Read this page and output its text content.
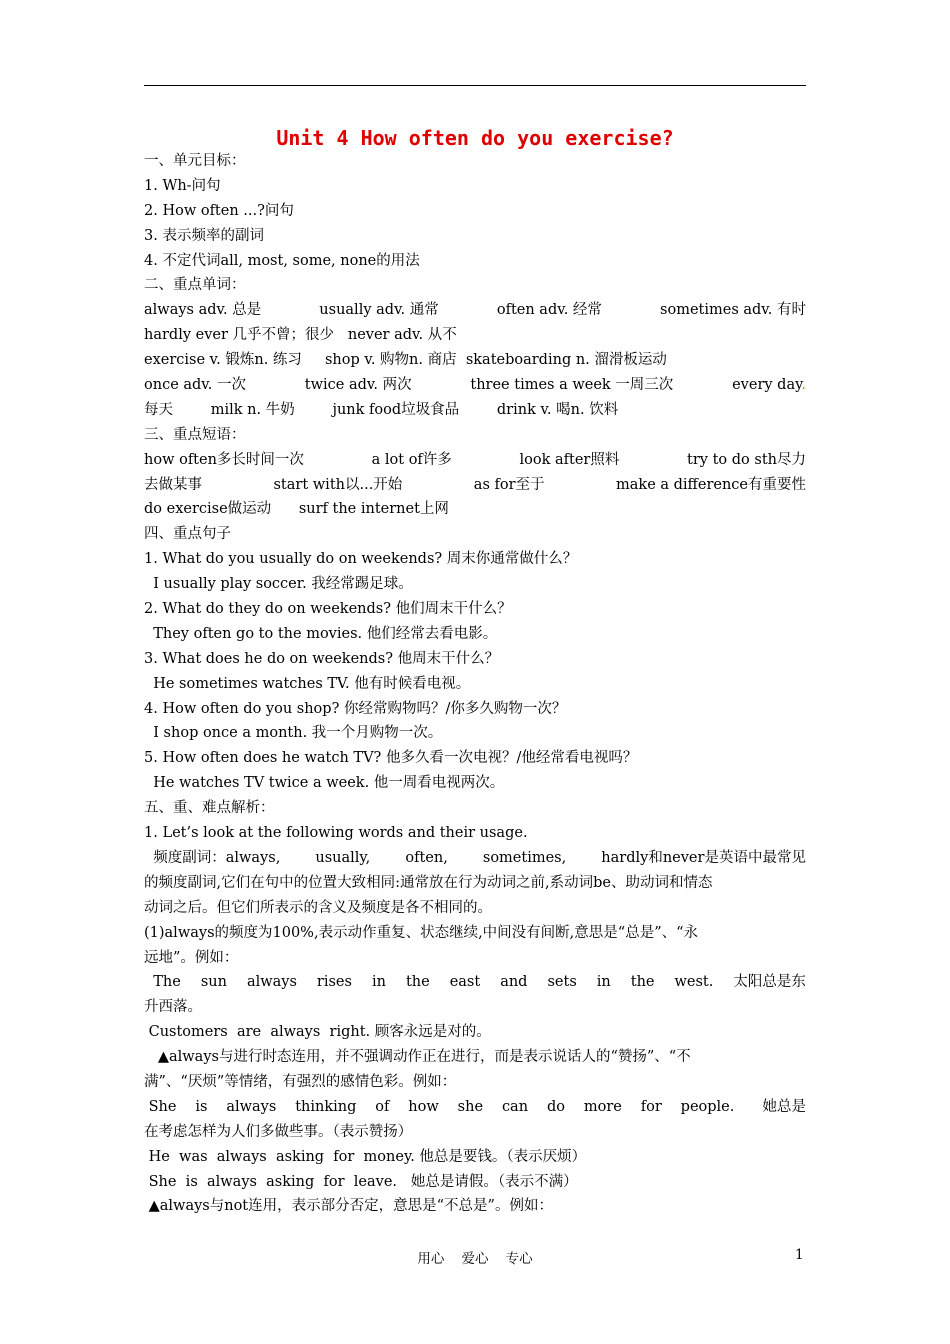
Unit 4 How often do you exercise?
一、单元目标：
1. Wh-问句
2. How often ...?问句
3. 表示频率的副词
4. 不定代词all, most, some, none的用法
二、重点单词：
always adv. 总是	usually adv. 通常	often adv. 经常	sometimes adv. 有时
hardly ever 几乎不曾；很少   never adv. 从不
exercise v. 锻炼n. 练习     shop v. 购物n. 商店  skateboarding n. 溜滑板运动
once adv. 一次	twice adv. 两次	three times a week 一周三次	every day.
每天	milk n. 牛奶	junk food垃圾食品	drink v. 喝n. 饮料
三、重点短语：
how often多长时间一次	a lot of许多	look after照料	try to do sth尽力
去做某事	start with以...开始	as for至于	make a difference有重要性
do exercise做运动      surf the internet上网
四、重点句子
1. What do you usually do on weekends? 周末你通常做什么？
I usually play soccer. 我经常踢足球。
2. What do they do on weekends? 他们周末干什么？
They often go to the movies. 他们经常去看电影。
3. What does he do on weekends? 他周末干什么？
He sometimes watches TV. 他有时候看电视。
4. How often do you shop? 你经常购物吗？/你多久购物一次？
I shop once a month. 我一个月购物一次。
5. How often does he watch TV? 他多久看一次电视？/他经常看电视吗？
He watches TV twice a week. 他一周看电视两次。
五、重、难点解析：
1. Let’s look at the following words and their usage.
频度副词：always, usually, often, sometimes, hardly和never是英语中最常见
的频度副词,它们在句中的位置大致相同:通常放在行为动词之前,系动词be、助动词和情态
动词之后。但它们所表示的含义及频度是各不相同的。
(1)always的频度为100%,表示动作重复、状态继续,中间没有间断,意思是“总是”、“永
远地”。例如：
The sun always rises in the east and sets in the west. 太阳总是东
升西落。
Customers  are  always  right. 顾客永远是对的。
▲always与进行时态连用，并不强调动作正在进行，而是表示说话人的“赞扬”、“不
满”、“厌烦”等情绪，有强烈的感情色彩。例如：
She is always thinking of how she can do more for people. 她总是
在考虑怎样为人们多做些事。（表示赞扬）
He  was  always  asking  for  money. 他总是要钱。（表示厌烦）
She  is  always  asking  for  leave.   她总是请假。（表示不满）
▲always与not连用，表示部分否定，意思是“不总是”。例如：
用心    爱心    专心	1
